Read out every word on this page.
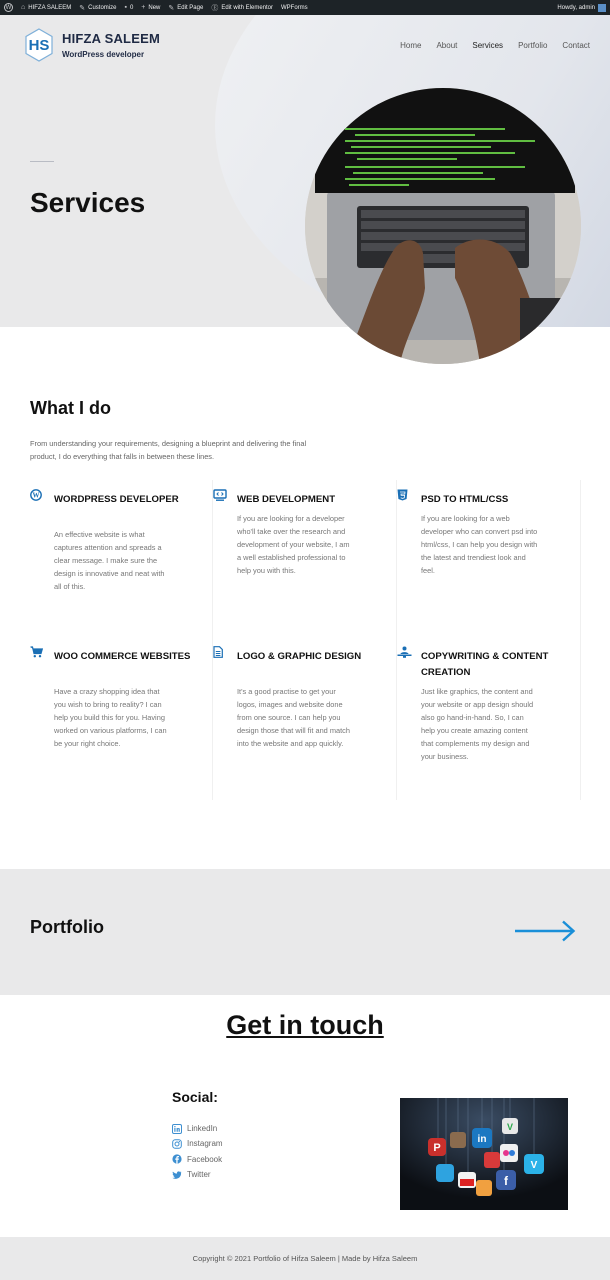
W ⌂ HIFZA SALEEM ✎ Customize ▪ 0 + New ✎ Edit Page Ⓔ Edit with Elementor WPForms	Howdy, admin
HS HIFZA SALEEM
WordPress developer
Home About Services Portfolio Contact
Services
What I do

From understanding your requirements, designing a blueprint and delivering the final product, I do everything that falls in between these lines.

W WORDPRESS DEVELOPER
An effective website is what captures attention and spreads a clear message. I make sure the design is innovative and neat with all of this.
WEB DEVELOPMENT
If you are looking for a developer who'll take over the research and development of your website, I am a well established professional to help you with this.
PSD TO HTML/CSS
If you are looking for a web developer who can convert psd into html/css, I can help you design with the latest and trendiest look and feel.
WOO COMMERCE WEBSITES
Have a crazy shopping idea that you wish to bring to reality? I can help you build this for you. Having worked on various platforms, I can be your right choice.
LOGO & GRAPHIC DESIGN
It's a good practise to get your logos, images and website done from one source. I can help you design those that will fit and match into the website and app quickly.
COPYWRITING & CONTENT CREATION
Just like graphics, the content and your website or app design should also go hand-in-hand. So, I can help you create amazing content that complements my design and your business.
Portfolio
Get in touch
Social:
LinkedIn
Instagram
Facebook
Twitter
P
in
V
V
f
Copyright © 2021 Portfolio of Hifza Saleem | Made by Hifza Saleem
